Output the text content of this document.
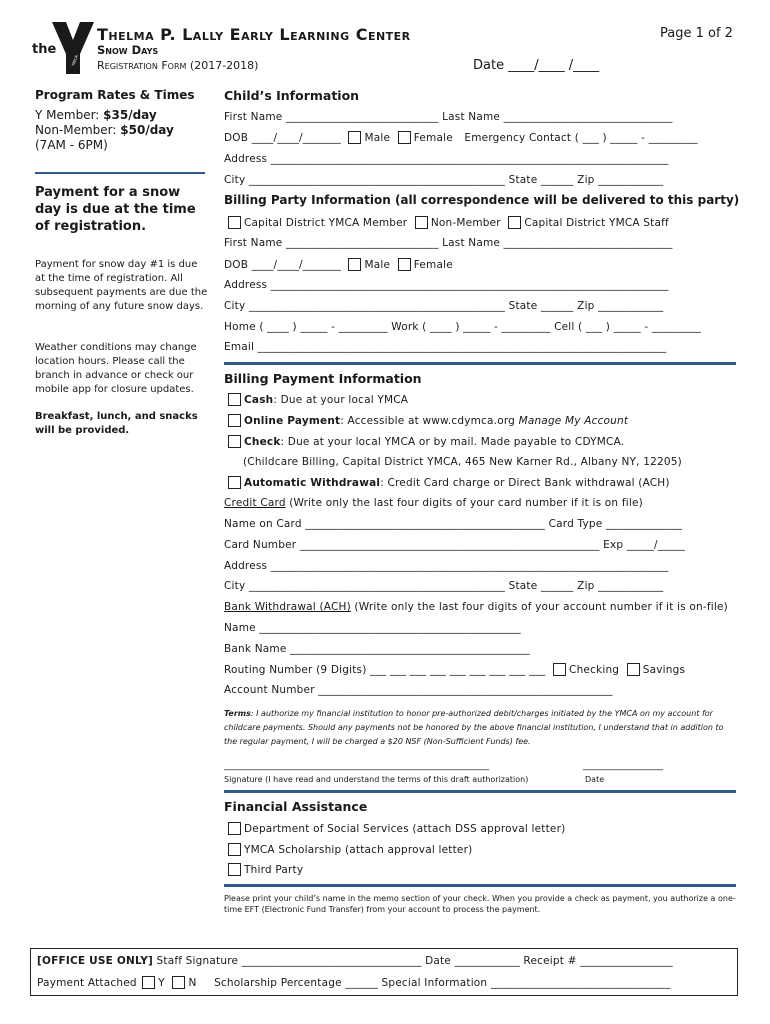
the
YMCA
Thelma P. Lally Early Learning Center
Snow Days
Registration Form (2017-2018)
Page 1 of 2
Date ____/____ /____
Program Rates & Times
Y Member: $35/day
Non-Member: $50/day
(7AM - 6PM)
Payment for a snow day is due at the time of registration.
Payment for snow day #1 is due at the time of registration. All subsequent payments are due the morning of any future snow days.
Weather conditions may change location hours. Please call the branch in advance or check our mobile app for closure updates.
Breakfast, lunch, and snacks will be provided.
Child’s Information
First Name ____________________________ Last Name _______________________________
DOB ____/____/_______ Male Female Emergency Contact ( ___ ) _____ - _________
Address _________________________________________________________________________
City _______________________________________________ State ______ Zip ____________
Billing Party Information (all correspondence will be delivered to this party)
Capital District YMCA Member Non-Member Capital District YMCA Staff
First Name ____________________________ Last Name _______________________________
DOB ____/____/_______ Male Female
Address _________________________________________________________________________
City _______________________________________________ State ______ Zip ____________
Home ( ____ ) _____ - _________ Work ( ____ ) _____ - _________ Cell ( ___ ) _____ - _________
Email ___________________________________________________________________________
Billing Payment Information
Cash: Due at your local YMCA
Online Payment: Accessible at www.cdymca.org Manage My Account
Check: Due at your local YMCA or by mail. Made payable to CDYMCA.
(Childcare Billing, Capital District YMCA, 465 New Karner Rd., Albany NY, 12205)
Automatic Withdrawal: Credit Card charge or Direct Bank withdrawal (ACH)
Credit Card (Write only the last four digits of your card number if it is on file)
Name on Card ____________________________________________ Card Type ______________
Card Number _______________________________________________________ Exp _____/_____
Address _________________________________________________________________________
City _______________________________________________ State ______ Zip ____________
Bank Withdrawal (ACH) (Write only the last four digits of your account number if it is on-file)
Name ________________________________________________
Bank Name ____________________________________________
Routing Number (9 Digits) ___ ___ ___ ___ ___ ___ ___ ___ ___ Checking Savings
Account Number ______________________________________________________
Terms: I authorize my financial institution to honor pre-authorized debit/charges initiated by the YMCA on my account for childcare payments. Should any payments not be honored by the above financial institution, I understand that in addition to the regular payment, I will be charged a $20 NSF (Non-Sufficient Funds) fee.
_____________________________________________________	________________
Signature (I have read and understand the terms of this draft authorization)	Date
Financial Assistance
Department of Social Services (attach DSS approval letter)
YMCA Scholarship (attach approval letter)
Third Party
Please print your child’s name in the memo section of your check. When you provide a check as payment, you authorize a one-time EFT (Electronic Fund Transfer) from your account to process the payment.
[OFFICE USE ONLY] Staff Signature _________________________________ Date ____________ Receipt # _________________
Payment Attached Y N Scholarship Percentage ______ Special Information _________________________________
